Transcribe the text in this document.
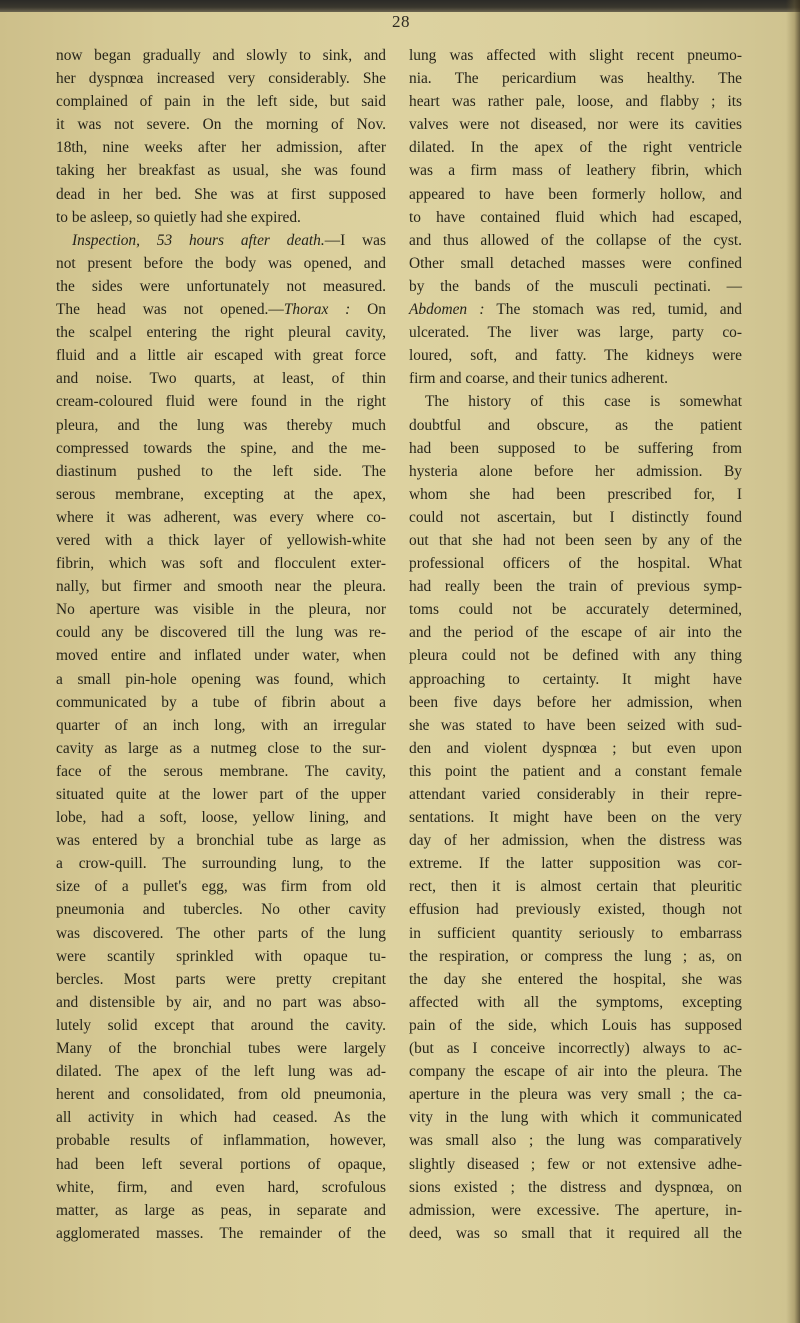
28
now began gradually and slowly to sink, and
her dyspnœa increased very considerably. She
complained of pain in the left side, but said
it was not severe. On the morning of Nov.
18th, nine weeks after her admission, after
taking her breakfast as usual, she was found
dead in her bed. She was at first supposed
to be asleep, so quietly had she expired.
Inspection, 53 hours after death.—I was
not present before the body was opened, and
the sides were unfortunately not measured.
The head was not opened.—Thorax : On
the scalpel entering the right pleural cavity,
fluid and a little air escaped with great force
and noise. Two quarts, at least, of thin
cream-coloured fluid were found in the right
pleura, and the lung was thereby much
compressed towards the spine, and the me-
diastinum pushed to the left side. The
serous membrane, excepting at the apex,
where it was adherent, was every where co-
vered with a thick layer of yellowish-white
fibrin, which was soft and flocculent exter-
nally, but firmer and smooth near the pleura.
No aperture was visible in the pleura, nor
could any be discovered till the lung was re-
moved entire and inflated under water, when
a small pin-hole opening was found, which
communicated by a tube of fibrin about a
quarter of an inch long, with an irregular
cavity as large as a nutmeg close to the sur-
face of the serous membrane. The cavity,
situated quite at the lower part of the upper
lobe, had a soft, loose, yellow lining, and
was entered by a bronchial tube as large as
a crow-quill. The surrounding lung, to the
size of a pullet's egg, was firm from old
pneumonia and tubercles. No other cavity
was discovered. The other parts of the lung
were scantily sprinkled with opaque tu-
bercles. Most parts were pretty crepitant
and distensible by air, and no part was abso-
lutely solid except that around the cavity.
Many of the bronchial tubes were largely
dilated. The apex of the left lung was ad-
herent and consolidated, from old pneumonia,
all activity in which had ceased. As the
probable results of inflammation, however,
had been left several portions of opaque,
white, firm, and even hard, scrofulous
matter, as large as peas, in separate and
agglomerated masses. The remainder of the
lung was affected with slight recent pneumo-
nia. The pericardium was healthy. The
heart was rather pale, loose, and flabby ; its
valves were not diseased, nor were its cavities
dilated. In the apex of the right ventricle
was a firm mass of leathery fibrin, which
appeared to have been formerly hollow, and
to have contained fluid which had escaped,
and thus allowed of the collapse of the cyst.
Other small detached masses were confined
by the bands of the musculi pectinati. —
Abdomen : The stomach was red, tumid, and
ulcerated. The liver was large, party co-
loured, soft, and fatty. The kidneys were
firm and coarse, and their tunics adherent.
The history of this case is somewhat
doubtful and obscure, as the patient
had been supposed to be suffering from
hysteria alone before her admission. By
whom she had been prescribed for, I
could not ascertain, but I distinctly found
out that she had not been seen by any of the
professional officers of the hospital. What
had really been the train of previous symp-
toms could not be accurately determined,
and the period of the escape of air into the
pleura could not be defined with any thing
approaching to certainty. It might have
been five days before her admission, when
she was stated to have been seized with sud-
den and violent dyspnœa ; but even upon
this point the patient and a constant female
attendant varied considerably in their repre-
sentations. It might have been on the very
day of her admission, when the distress was
extreme. If the latter supposition was cor-
rect, then it is almost certain that pleuritic
effusion had previously existed, though not
in sufficient quantity seriously to embarrass
the respiration, or compress the lung ; as, on
the day she entered the hospital, she was
affected with all the symptoms, excepting
pain of the side, which Louis has supposed
(but as I conceive incorrectly) always to ac-
company the escape of air into the pleura. The
aperture in the pleura was very small ; the ca-
vity in the lung with which it communicated
was small also ; the lung was comparatively
slightly diseased ; few or not extensive adhe-
sions existed ; the distress and dyspnœa, on
admission, were excessive. The aperture, in-
deed, was so small that it required all the
